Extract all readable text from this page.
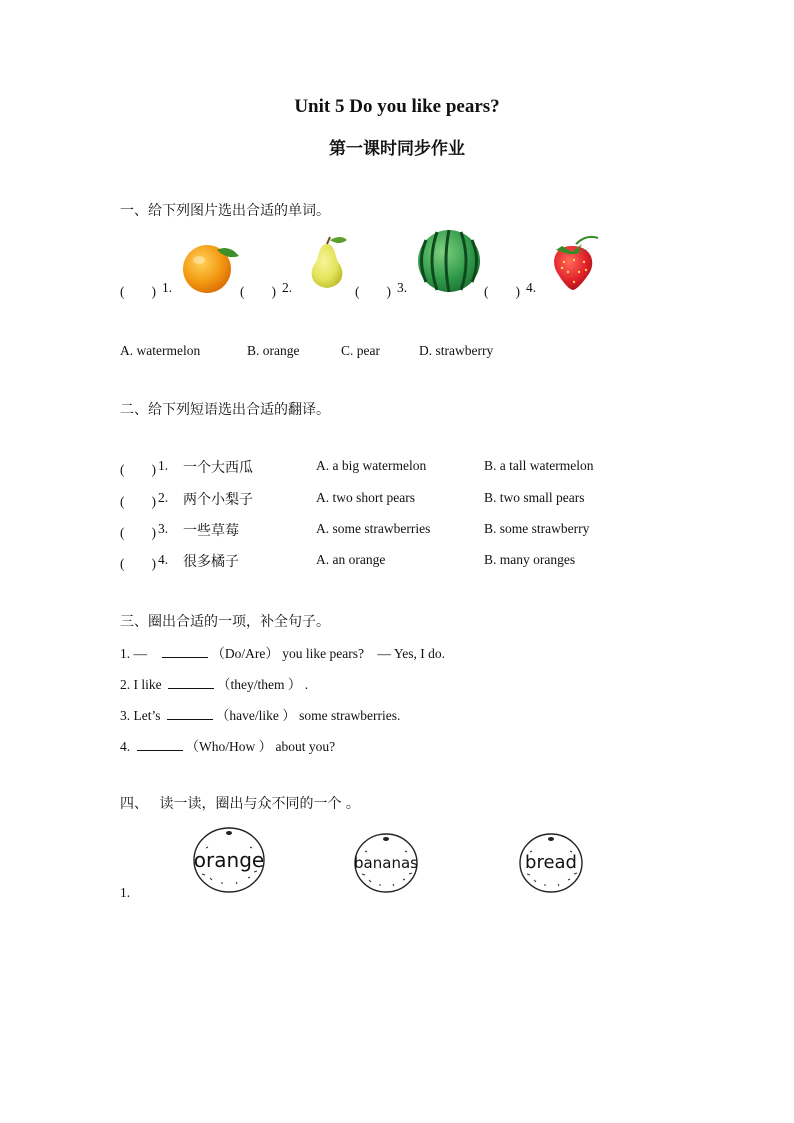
Unit 5 Do you like pears?
第一课时同步作业
一、给下列图片选出合适的单词。
(　　) 1.	(　　) 2.	(　　) 3.	(　　) 4.
A. watermelon	B. orange	C. pear	D. strawberry
二、给下列短语选出合适的翻译。
(　　) 1. 一个大西瓜	A. a big watermelon	B. a tall watermelon
(　　) 2. 两个小梨子	A. two short pears	B. two small pears
(　　) 3. 一些草莓	A. some strawberries	B. some strawberry
(　　) 4. 很多橘子	A. an orange	B. many oranges
三、圈出合适的一项，补全句子。
1. —	（Do/Are） you like pears?　— Yes, I do.
2. I like	（they/them ） .
3. Let’s	（have/like ） some strawberries.
4.	（Who/How ） about you?
四、　 读一读，圈出与众不同的一个 。
1.
orange	bananas	bread
